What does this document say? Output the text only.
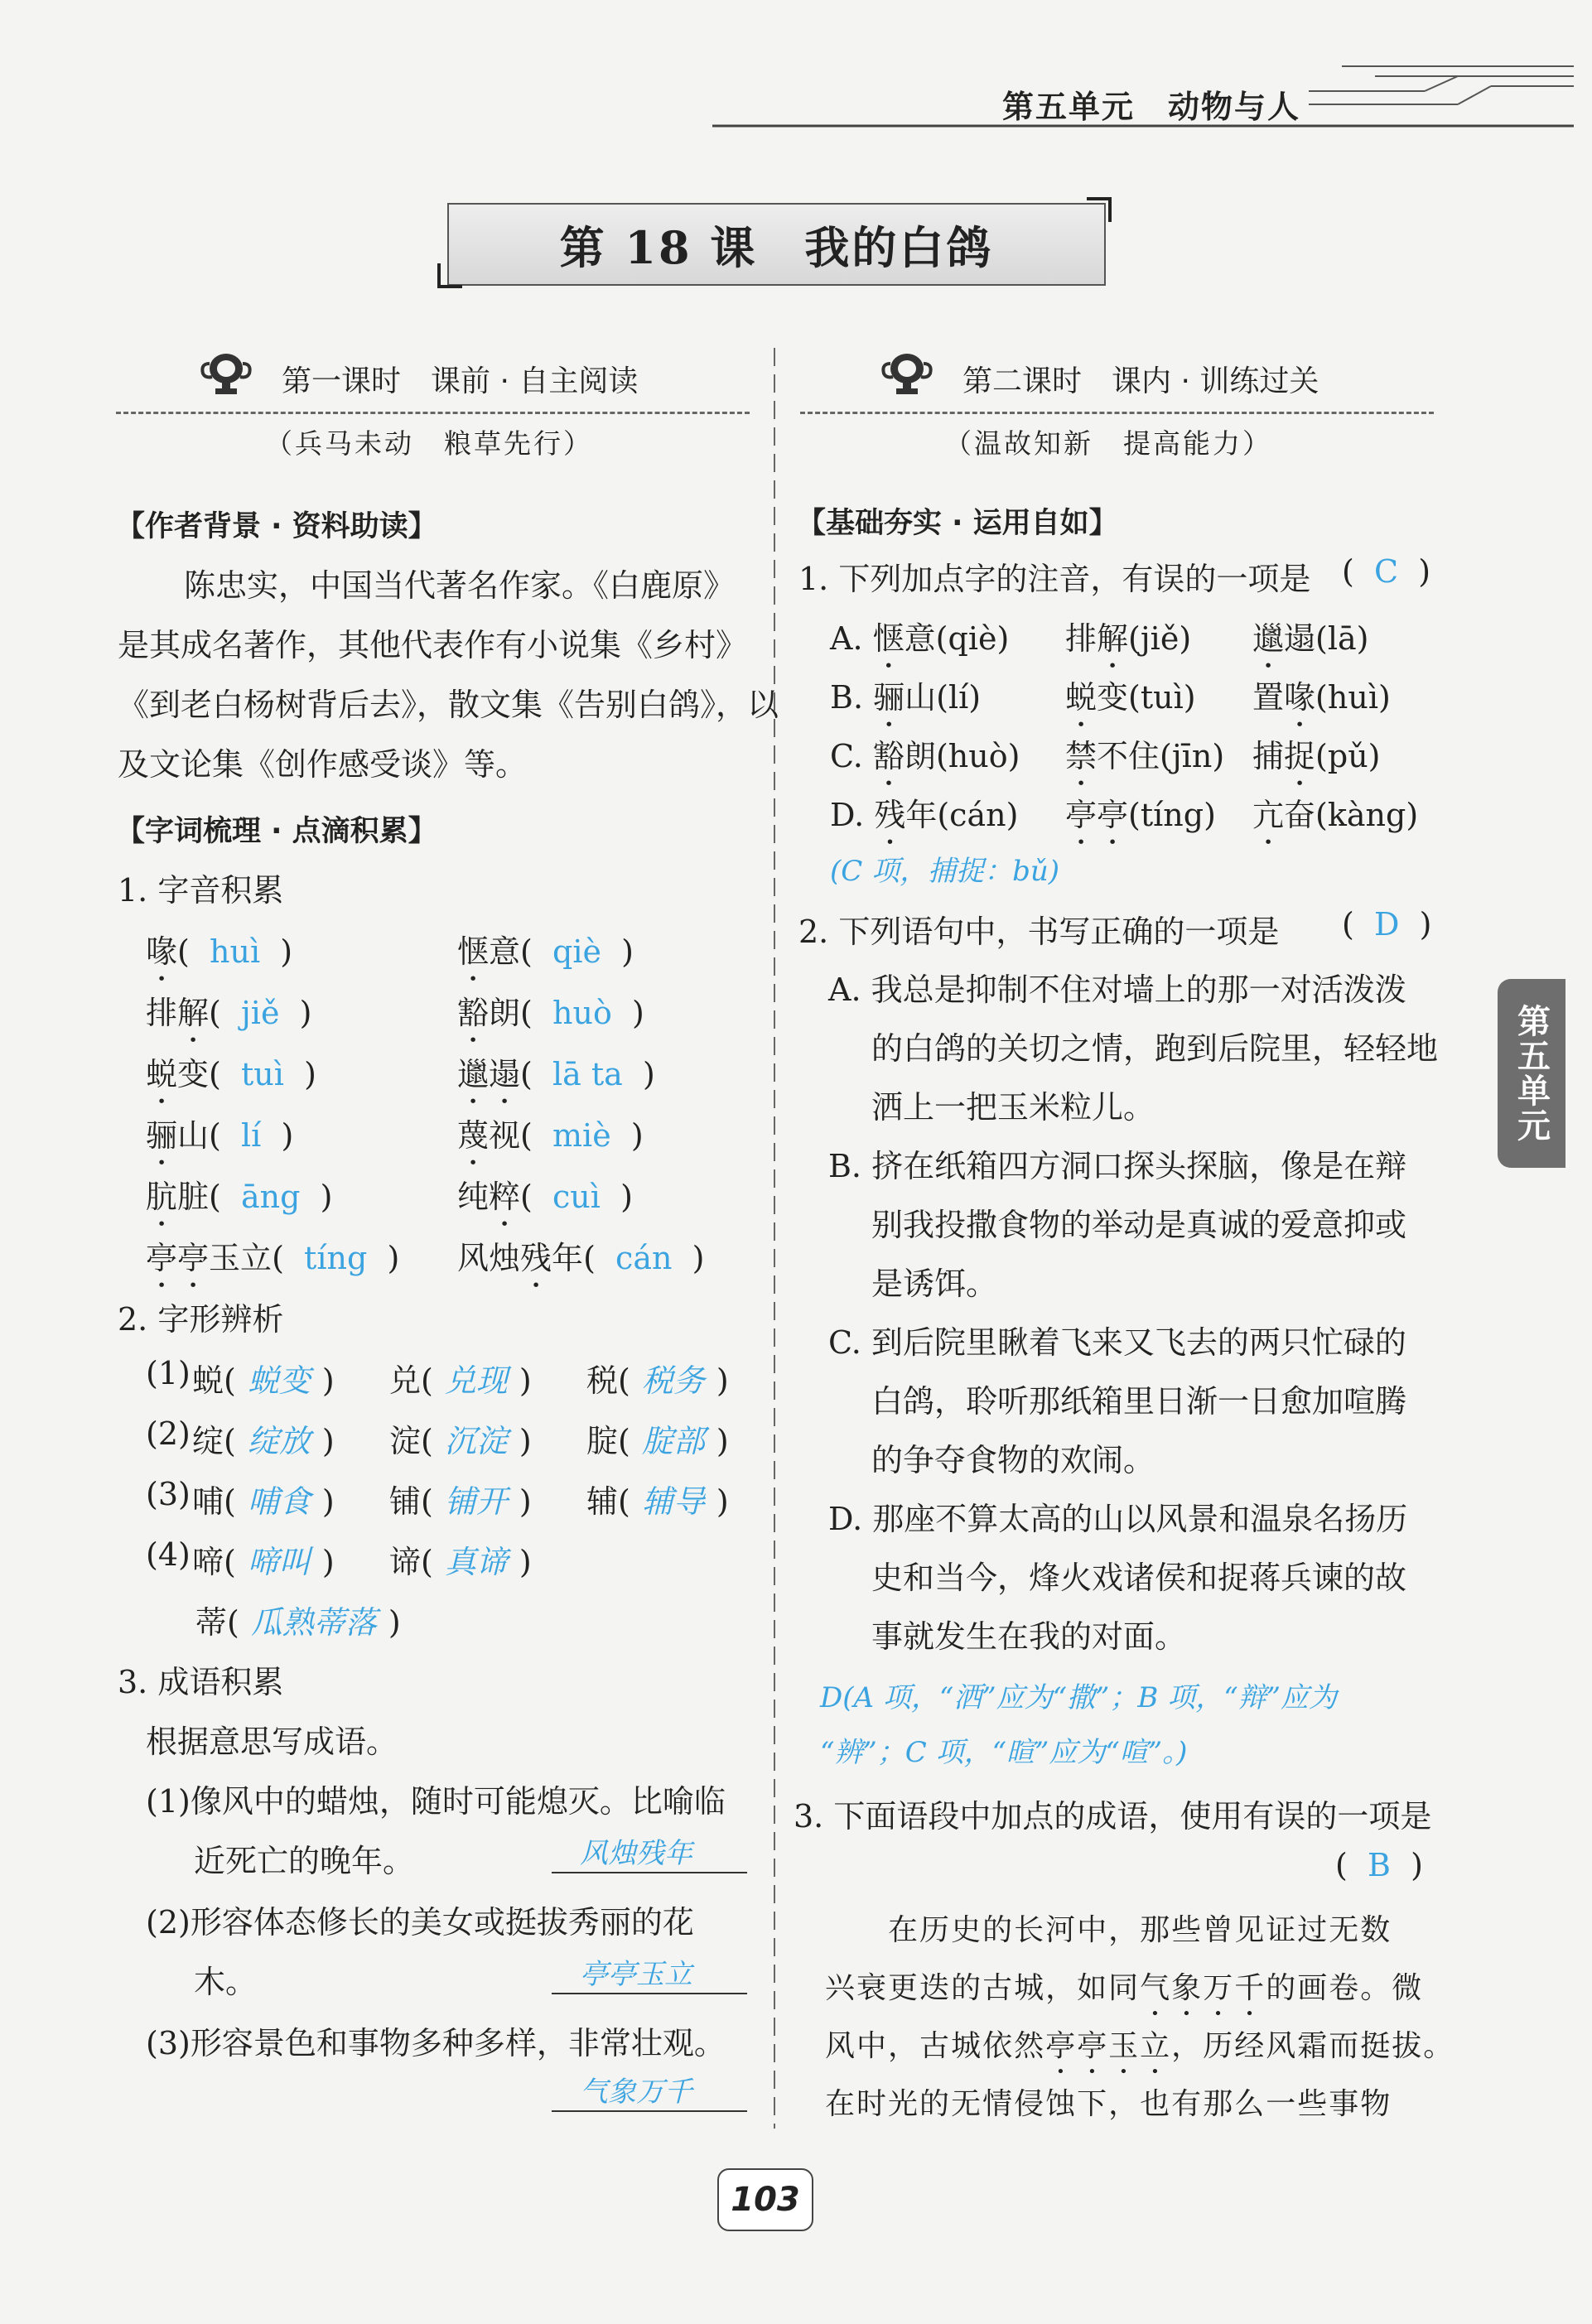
第五单元 动物与人
第 18 课　我的白鸽
第一课时　课前 · 自主阅读
（兵马未动　粮草先行）
【作者背景 · 资料助读】
陈忠实，中国当代著名作家。《白鹿原》
是其成名著作，其他代表作有小说集《乡村》
《到老白杨树背后去》，散文集《告别白鸽》，以
及文论集《创作感受谈》等。
【字词梳理 · 点滴积累】
1. 字音积累
2. 字形辨析
3. 成语积累
根据意思写成语。
第二课时　课内 · 训练过关
（温故知新　提高能力）
【基础夯实 · 运用自如】
1. 下列加点字的注音，有误的一项是 (  C  )
(C 项，捕捉：bǔ)
2. 下列语句中，书写正确的一项是 (  D  )
D(A 项，“洒”应为“撒”；B 项，“辩”应为
“辨”；C 项，“暄”应为“喧”。)
3. 下面语段中加点的成语，使用有误的一项是
(  B  )
第五单元
103
喙(  huì  )	惬意(  qiè  )
排解(  jiě  )	豁朗(  huò  )
蜕变(  tuì  )	邋遢(  lā ta  )
骊山(  lí  )	蔑视(  miè  )
肮脏(  āng  )	纯粹(  cuì  )
亭亭玉立(  tíng  ) 风烛残年(  cán  )
(1) 蜕( 蜕变 ) 兑( 兑现 ) 税( 税务 )
(2) 绽( 绽放 ) 淀( 沉淀 ) 腚( 腚部 )
(3) 哺( 哺食 ) 铺( 铺开 ) 辅( 辅导 )
(4) 啼( 啼叫 ) 谛( 真谛 )
蒂( 瓜熟蒂落 )
(1)像风中的蜡烛，随时可能熄灭。比喻临
近死亡的晚年。	风烛残年
(2)形容体态修长的美女或挺拔秀丽的花
木。	亭亭玉立
(3)形容景色和事物多种多样，非常壮观。
气象万千
A. 惬意(qiè) 排解(jiě) 邋遢(lā)
B. 骊山(lí)	蜕变(tuì) 置喙(huì)
C. 豁朗(huò) 禁不住(jīn) 捕捉(pǔ)
D. 残年(cán) 亭亭(tíng) 亢奋(kàng)
A. 我总是抑制不住对墙上的那一对活泼泼
的白鸽的关切之情，跑到后院里，轻轻地
洒上一把玉米粒儿。
B. 挤在纸箱四方洞口探头探脑，像是在辩
别我投撒食物的举动是真诚的爱意抑或
是诱饵。
C. 到后院里瞅着飞来又飞去的两只忙碌的
白鸽，聆听那纸箱里日渐一日愈加喧腾
的争夺食物的欢闹。
D. 那座不算太高的山以风景和温泉名扬历
史和当今，烽火戏诸侯和捉蒋兵谏的故
事就发生在我的对面。
　　在历史的长河中，那些曾见证过无数
兴衰更迭的古城，如同气象万千的画卷。微
风中，古城依然亭亭玉立，历经风霜而挺拔。
在时光的无情侵蚀下，也有那么一些事物
